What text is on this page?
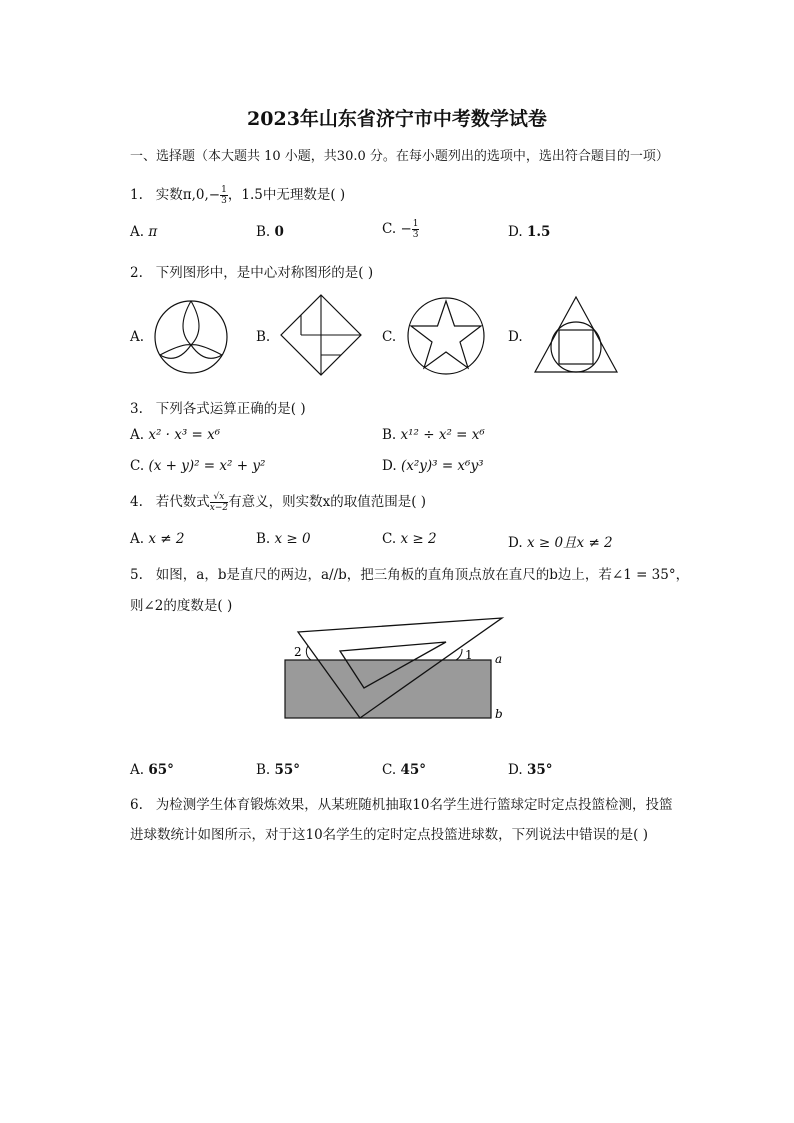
2023年山东省济宁市中考数学试卷
一、选择题（本大题共 10 小题，共30.0 分。在每小题列出的选项中，选出符合题目的一项）
1. 实数$\pi,0,- \frac{1}{3}$ ，1.5中无理数是( )
A. π	B. 0	C. − $\frac{1}{3}$	D. 1.5
2. 下列图形中，是中心对称图形的是( )
A.	B.	C.	D.
3. 下列各式运算正确的是( )
A. x² · x³ = x⁶	B. x¹² ÷ x² = x⁶
C. (x + y)² = x² + y²	D. (x²y)³ = x⁶y³
4. 若代数式 $\frac{√x}{x-2}$ 有意义，则实数x的取值范围是( )
A. x ≠ 2	B. x ≥ 0	C. x ≥ 2	D. x ≥ 0且x ≠ 2
5. 如图，a，b是直尺的两边，a//b，把三角板的直角顶点放在直尺的b边上，若∠1 = 35°，
则∠2的度数是( )
2	1 a
b
A. 65°	B. 55°	C. 45°	D. 35°
6. 为检测学生体育锻炼效果，从某班随机抽取10名学生进行篮球定时定点投篮检测，投篮
进球数统计如图所示，对于这10名学生的定时定点投篮进球数，下列说法中错误的是( )
